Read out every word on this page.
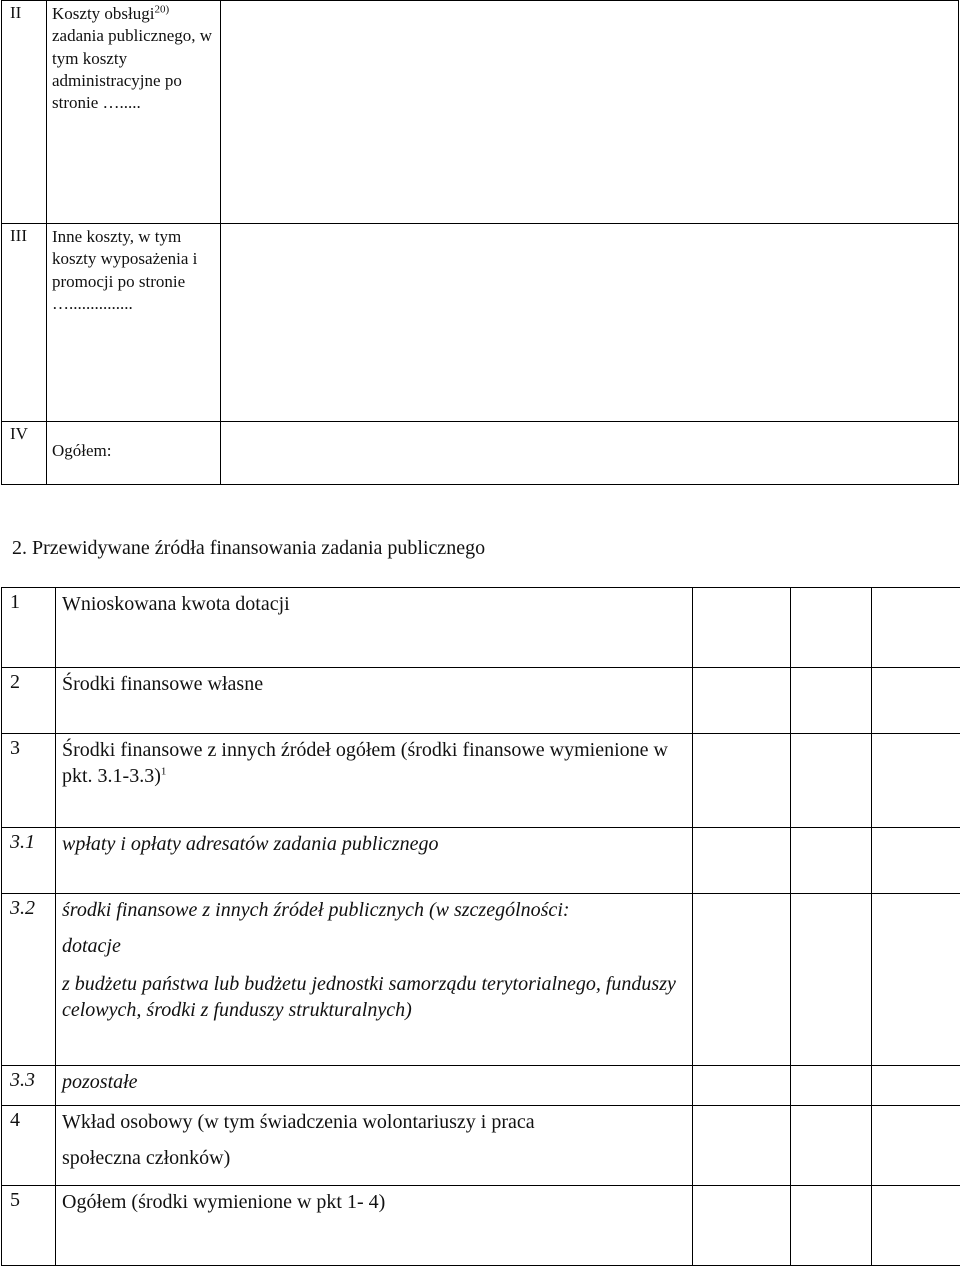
II	Koszty obsługi$^{20)}$ zadania publicznego, w tym koszty administracyjne po stronie ….....	
III	Inne koszty, w tym koszty wyposażenia i promocji po stronie …...............	
IV	Ogółem:	

2. Przewidywane źródła finansowania zadania publicznego
1	Wnioskowana kwota dotacji			
2	Środki finansowe własne			
3	Środki finansowe z innych źródeł ogółem (środki finansowe wymienione w pkt. 3.1-3.3)$^1$			
3.1	wpłaty i opłaty adresatów zadania publicznego			
3.2	środki finansowe z innych źródeł publicznych (w szczególności:
dotacje
z budżetu państwa lub budżetu jednostki samorządu terytorialnego, funduszy celowych, środki z funduszy strukturalnych)			

3.3	pozostałe			
4	Wkład osobowy (w tym świadczenia wolontariuszy i praca
społeczna członków)			

5	Ogółem (środki wymienione w pkt 1- 4)			
